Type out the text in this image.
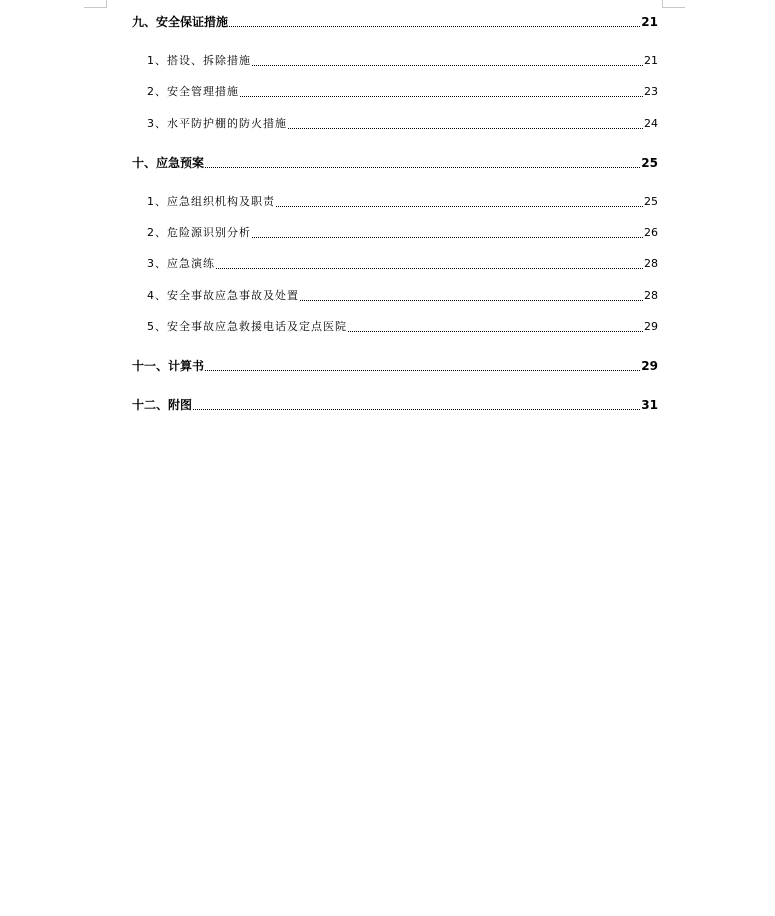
九、安全保证措施	21
1、搭设、拆除措施	21
2、安全管理措施	23
3、水平防护棚的防火措施	24
十、应急预案	25
1、应急组织机构及职责	25
2、危险源识别分析	26
3、应急演练	28
4、安全事故应急事故及处置	28
5、安全事故应急救援电话及定点医院	29
十一、计算书	29
十二、附图	31
